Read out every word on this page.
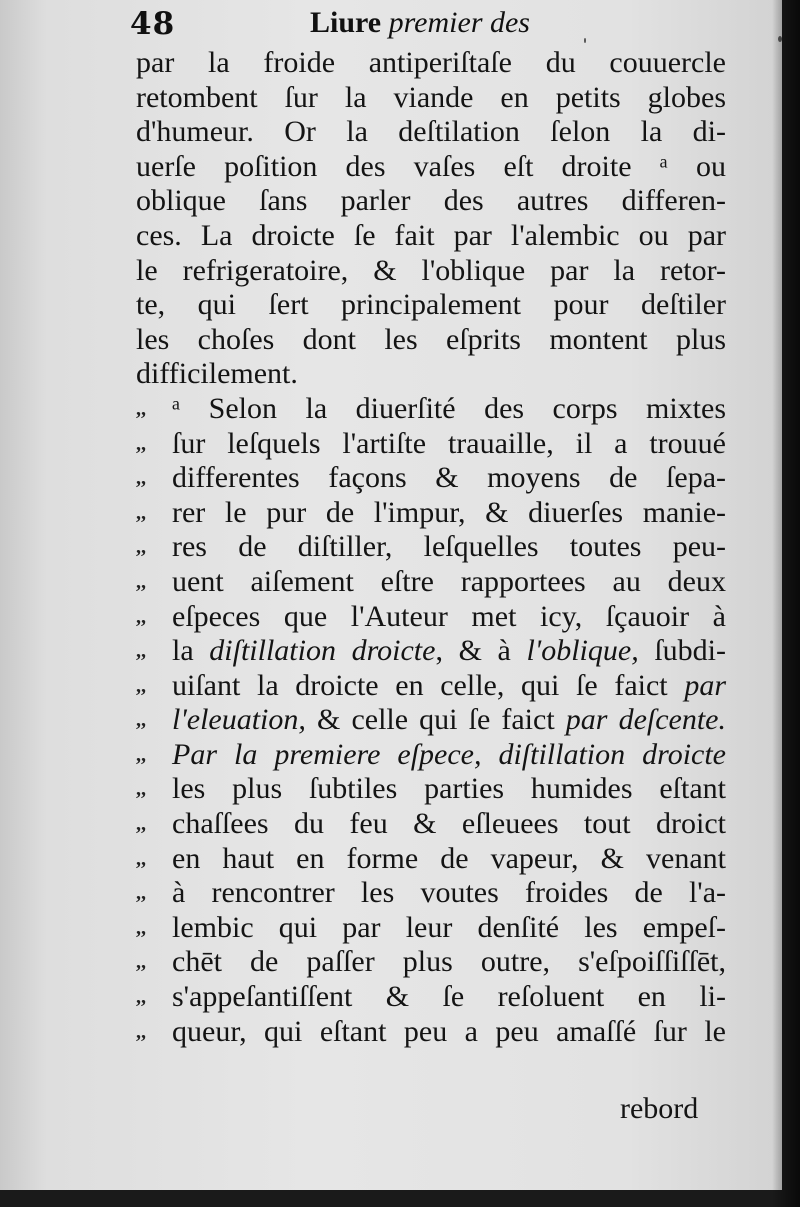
48	Liure premier des
par la froide antiperiſtaſe du couuercle
retombent ſur la viande en petits globes
d'humeur. Or la deſtilation ſelon la di-
uerſe poſition des vaſes eſt droite ᵃ ou
oblique ſans parler des autres differen-
ces. La droicte ſe fait par l'alembic ou par
le refrigeratoire, & l'oblique par la retor-
te, qui ſert principalement pour deſtiler
les choſes dont les eſprits montent plus
difficilement.
,, ᵃ Selon la diuerſité des corps mixtes
,, ſur leſquels l'artiſte trauaille, il a trouué
,, differentes façons & moyens de ſepa-
,, rer le pur de l'impur, & diuerſes manie-
,, res de diſtiller, leſquelles toutes peu-
,, uent aiſement eſtre rapportees au deux
,, eſpeces que l'Auteur met icy, ſçauoir à
,, la diſtillation droicte, & à l'oblique, ſubdi-
,, uiſant la droicte en celle, qui ſe faict par
,, l'eleuation, & celle qui ſe faict par deſcente.
,, Par la premiere eſpece, diſtillation droicte
,, les plus ſubtiles parties humides eſtant
,, chaſſees du feu & eſleuees tout droict
,, en haut en forme de vapeur, & venant
,, à rencontrer les voutes froides de l'a-
,, lembic qui par leur denſité les empeſ-
,, chēt de paſſer plus outre, s'eſpoiſſiſſēt,
,, s'appeſantiſſent & ſe reſoluent en li-
,, queur, qui eſtant peu a peu amaſſé ſur le
rebord
